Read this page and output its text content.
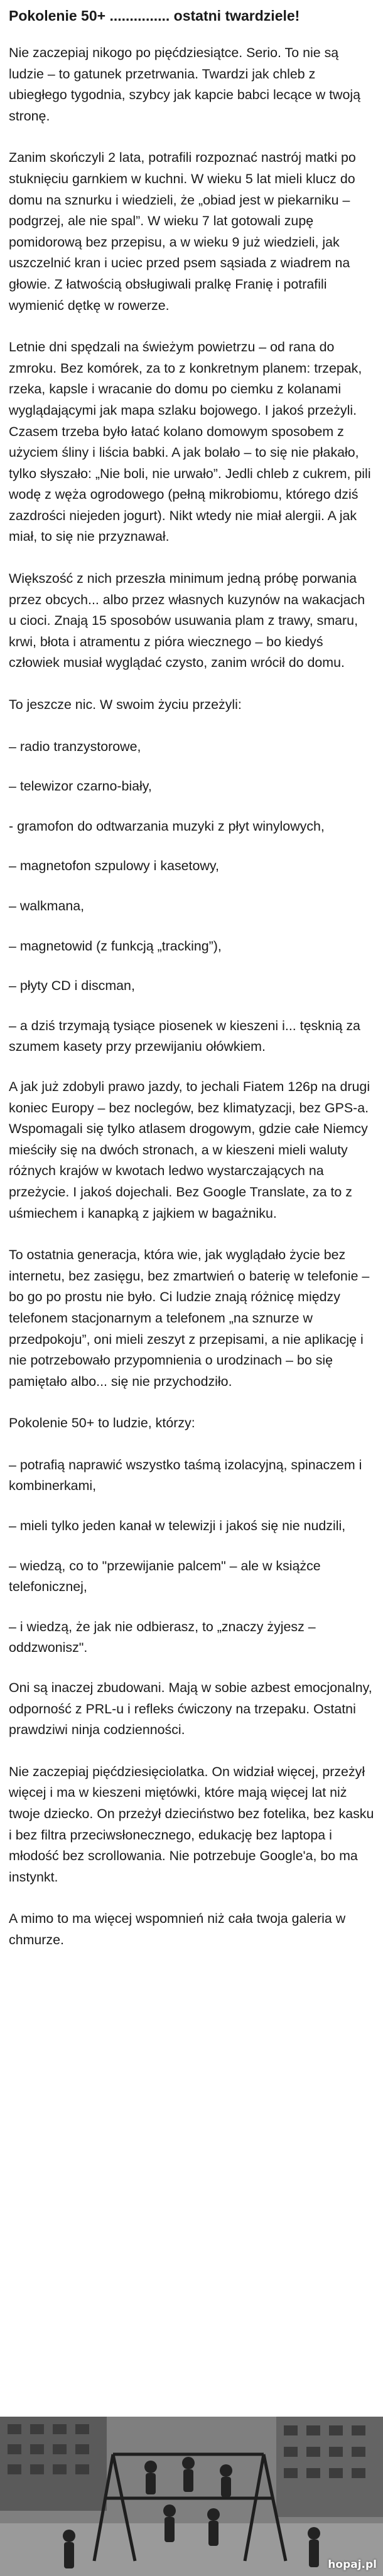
Pokolenie 50+ ............... ostatni twardziele!

Nie zaczepiaj nikogo po pięćdziesiątce. Serio. To nie są ludzie – to gatunek przetrwania. Twardzi jak chleb z ubiegłego tygodnia, szybcy jak kapcie babci lecące w twoją stronę.

Zanim skończyli 2 lata, potrafili rozpoznać nastrój matki po stuknięciu garnkiem w kuchni. W wieku 5 lat mieli klucz do domu na sznurku i wiedzieli, że „obiad jest w piekarniku – podgrzej, ale nie spal”. W wieku 7 lat gotowali zupę pomidorową bez przepisu, a w wieku 9 już wiedzieli, jak uszczelnić kran i uciec przed psem sąsiada z wiadrem na głowie. Z łatwością obsługiwali pralkę Franię i potrafili wymienić dętkę w rowerze.

Letnie dni spędzali na świeżym powietrzu – od rana do zmroku. Bez komórek, za to z konkretnym planem: trzepak, rzeka, kapsle i wracanie do domu po ciemku z kolanami wyglądającymi jak mapa szlaku bojowego. I jakoś przeżyli. Czasem trzeba było łatać kolano domowym sposobem z użyciem śliny i liścia babki. A jak bolało – to się nie płakało, tylko słyszało: „Nie boli, nie urwało”. Jedli chleb z cukrem, pili wodę z węża ogrodowego (pełną mikrobiomu, którego dziś zazdrości niejeden jogurt). Nikt wtedy nie miał alergii. A jak miał, to się nie przyznawał.

Większość z nich przeszła minimum jedną próbę porwania przez obcych... albo przez własnych kuzynów na wakacjach u cioci. Znają 15 sposobów usuwania plam z trawy, smaru, krwi, błota i atramentu z pióra wiecznego – bo kiedyś człowiek musiał wyglądać czysto, zanim wrócił do domu.

To jeszcze nic. W swoim życiu przeżyli:

– radio tranzystorowe,

– telewizor czarno-biały,

- gramofon do odtwarzania muzyki z płyt winylowych,

– magnetofon szpulowy i kasetowy,

– walkmana,

– magnetowid (z funkcją „tracking”),

– płyty CD i discman,

– a dziś trzymają tysiące piosenek w kieszeni i... tęsknią za szumem kasety przy przewijaniu ołówkiem.

A jak już zdobyli prawo jazdy, to jechali Fiatem 126p na drugi koniec Europy – bez noclegów, bez klimatyzacji, bez GPS-a. Wspomagali się tylko atlasem drogowym, gdzie całe Niemcy mieściły się na dwóch stronach, a w kieszeni mieli waluty różnych krajów w kwotach ledwo wystarczających na przeżycie. I jakoś dojechali. Bez Google Translate, za to z uśmiechem i kanapką z jajkiem w bagażniku.

To ostatnia generacja, która wie, jak wyglądało życie bez internetu, bez zasięgu, bez zmartwień o baterię w telefonie – bo go po prostu nie było. Ci ludzie znają różnicę między telefonem stacjonarnym a telefonem „na sznurze w przedpokoju”, oni mieli zeszyt z przepisami, a nie aplikację i nie potrzebowało przypomnienia o urodzinach – bo się pamiętało albo... się nie przychodziło.

Pokolenie 50+ to ludzie, którzy:

– potrafią naprawić wszystko taśmą izolacyjną, spinaczem i kombinerkami,

– mieli tylko jeden kanał w telewizji i jakoś się nie nudzili,

– wiedzą, co to "przewijanie palcem" – ale w książce telefonicznej,

– i wiedzą, że jak nie odbierasz, to „znaczy żyjesz – oddzwonisz".

Oni są inaczej zbudowani. Mają w sobie azbest emocjonalny, odporność z PRL-u i refleks ćwiczony na trzepaku. Ostatni prawdziwi ninja codzienności.

Nie zaczepiaj pięćdziesięciolatka. On widział więcej, przeżył więcej i ma w kieszeni miętówki, które mają więcej lat niż twoje dziecko. On przeżył dzieciństwo bez fotelika, bez kasku i bez filtra przeciwsłonecznego, edukację bez laptopa i młodość bez scrollowania. Nie potrzebuje Google'a, bo ma instynkt.

A mimo to ma więcej wspomnień niż cała twoja galeria w chmurze.

hopaj.pl
